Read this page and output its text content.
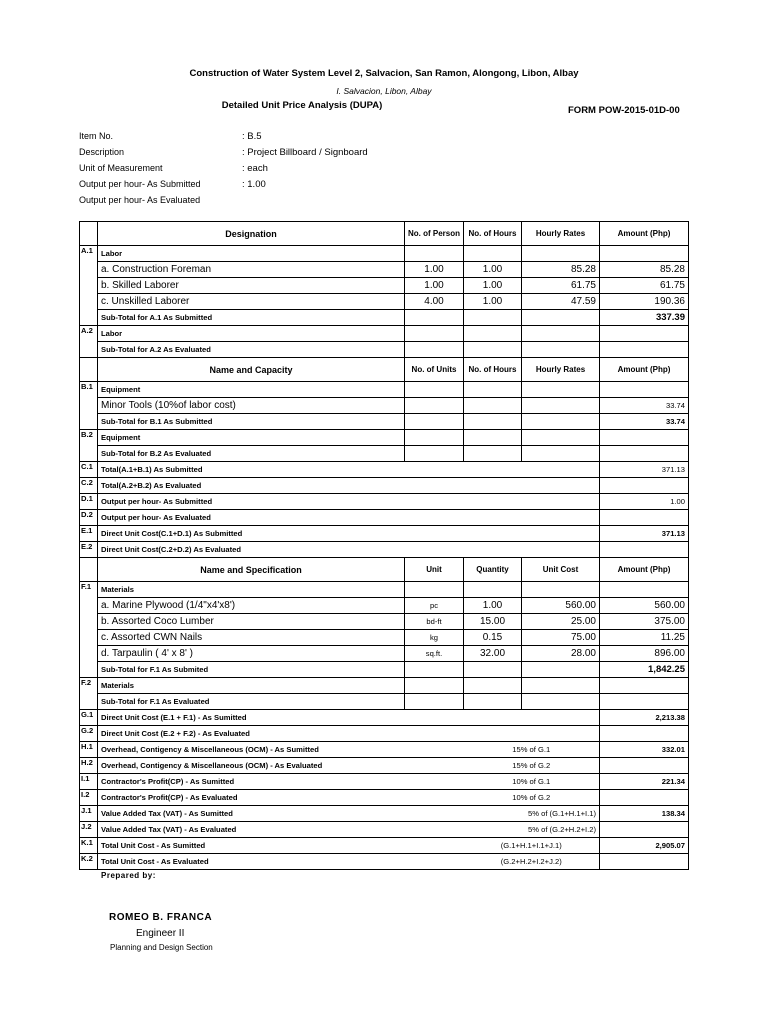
Construction of Water System Level 2, Salvacion, San Ramon, Alongong, Libon, Albay
I. Salvacion, Libon, Albay
Detailed Unit Price Analysis (DUPA)	FORM POW-2015-01D-00
Item No.	: B.5
Description	: Project Billboard / Signboard
Unit of Measurement	: each
Output per hour- As Submitted	: 1.00
Output per hour- As Evaluated
	Designation	No. of Person	No. of Hours	Hourly Rates	Amount (Php)
A.1	Labor				
	a. Construction Foreman	1.00	1.00	85.28	85.28
	b. Skilled Laborer	1.00	1.00	61.75	61.75
	c. Unskilled Laborer	4.00	1.00	47.59	190.36
	Sub-Total for A.1 As Submitted				337.39
A.2	Labor				
	Sub-Total for A.2 As Evaluated				
	Name and Capacity	No. of Units	No. of Hours	Hourly Rates	Amount (Php)
B.1	Equipment				
	Minor Tools (10%of labor cost)				33.74
	Sub-Total for B.1 As Submitted				33.74
B.2	Equipment				
	Sub-Total for B.2 As Evaluated				
C.1	Total(A.1+B.1) As Submitted				371.13
C.2	Total(A.2+B.2) As Evaluated				
D.1	Output per hour- As Submitted				1.00
D.2	Output per hour- As Evaluated				
E.1	Direct Unit Cost(C.1+D.1) As Submitted				371.13
E.2	Direct Unit Cost(C.2+D.2) As Evaluated				
	Name and Specification	Unit	Quantity	Unit Cost	Amount (Php)
F.1	Materials				
	a. Marine Plywood (1/4"x4'x8')	pc	1.00	560.00	560.00
	b. Assorted Coco Lumber	bd-ft	15.00	25.00	375.00
	c. Assorted CWN Nails	kg	0.15	75.00	11.25
	d. Tarpaulin ( 4' x 8' )	sq.ft.	32.00	28.00	896.00
	Sub-Total for F.1 As Submited				1,842.25
F.2	Materials				
	Sub-Total for F.1 As Evaluated				
G.1	Direct Unit Cost (E.1 + F.1) - As Sumitted				2,213.38
G.2	Direct Unit Cost (E.2 + F.2) - As Evaluated				
H.1	Overhead, Contigency & Miscellaneous (OCM) - As Sumitted		15% of G.1		332.01
H.2	Overhead, Contigency & Miscellaneous (OCM) - As Evaluated		15% of G.2		
I.1	Contractor's Profit(CP) - As Sumitted		10% of G.1		221.34
I.2	Contractor's Profit(CP) - As Evaluated		10% of G.2		
J.1	Value Added Tax (VAT) - As Sumitted		5% of (G.1+H.1+I.1)		138.34
J.2	Value Added Tax (VAT) - As Evaluated		5% of (G.2+H.2+I.2)		
K.1	Total Unit Cost - As Sumitted		(G.1+H.1+I.1+J.1)		2,905.07
K.2	Total Unit Cost - As Evaluated		(G.2+H.2+I.2+J.2)		
Prepared by:
ROMEO B. FRANCA
Engineer II
Planning and Design Section
